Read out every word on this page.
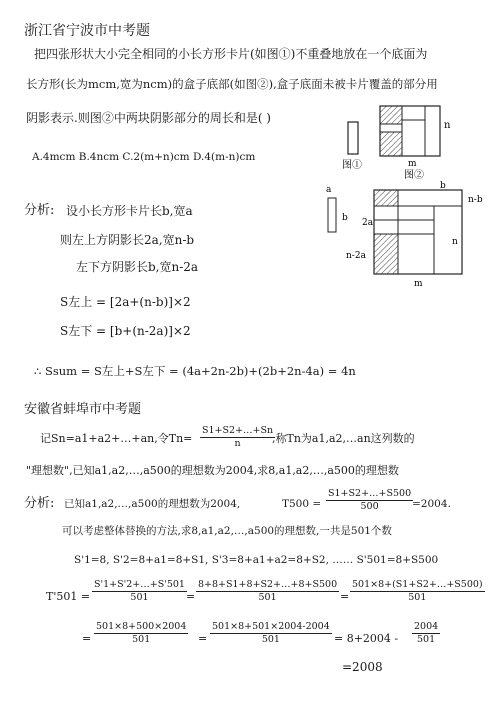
浙江省宁波市中考题
把四张形状大小完全相同的小长方形卡片(如图①)不重叠地放在一个底面为
长方形(长为mcm,宽为ncm)的盒子底部(如图②),盒子底面未被卡片覆盖的部分用
阴影表示.则图②中两块阴影部分的周长和是( )
A.4mcm B.4ncm C.2(m+n)cm D.4(m-n)cm
图①
n
m
图②
分析: 设小长方形卡片长b,宽a
则左上方阴影长2a,宽n-b
左下方阴影长b,宽n-2a
S左上 = [2a+(n-b)]×2
S左下 = [b+(n-2a)]×2
∴ Ssum = S左上+S左下 = (4a+2n-2b)+(2b+2n-4a) = 4n
a
b 2a
n-b
n
n-2a
b
m
安徽省蚌埠市中考题
记Sn=a1+a2+…+an,令$Tn= \frac{S1+S2+\dots+Sn}{n}$
,称Tn为a1,a2,…an这列数的
"理想数",已知a1,a2,…,a500的理想数为2004,求8,a1,a2,…,a500的理想数
分析: 已知a1,a2,…,a500的理想数为2004,	$T500 = \frac{S1+S2+\dots+S500}{500}$
=2004.
可以考虑整体替换的方法,求8,a1,a2,…,a500的理想数,一共是501个数
S'1=8, S'2=8+a1=8+S1, S'3=8+a1+a2=8+S2, …… S'501=8+S500
$T'501 = \frac{S'1+S'2+\dots+S'501}{501} = \frac{8+8+S1+8+S2+\dots+8+S500}{501} = \frac{501\times 8+(S1+S2+\dots+S500)}{501}$
= $\frac{501\times 8+500\times 2004}{501} = \frac{501\times 8+501\times 2004-2004}{501} = 8+2004 - \frac{2004}{501}$
=2008
